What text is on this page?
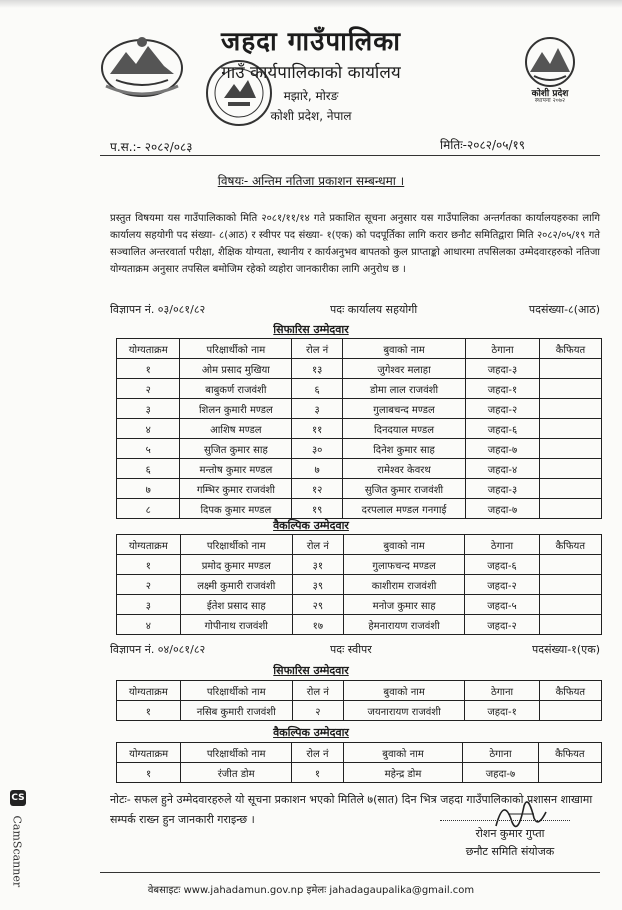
जहदा गाउँपालिका
गाउँ कार्यपालिकाको कार्यालय
मझारे, मोरङ
कोशी प्रदेश, नेपाल
कोशी प्रदेश
स्थापना २०७२
प.स.:- २०८२/०८३	मितिः-२०८२/०५/१९
विषयः- अन्तिम नतिजा प्रकाशन सम्बन्धमा ।
प्रस्तुत विषयमा यस गाउँपालिकाको मिति २०८१/११/१४ गते प्रकाशित सूचना अनुसार यस गाउँपालिका अन्तर्गतका कार्यालयहरुका लागि कार्यालय सहयोगी पद संख्या- ८(आठ) र स्वीपर पद संख्या- १(एक) को पदपूर्तिका लागि करार छनौट समितिद्वारा मिति २०८२/०५/१९ गते सञ्चालित अन्तरवार्ता परीक्षा, शैक्षिक योग्यता, स्थानीय र कार्यअनुभव बापतको कुल प्राप्ताङ्को आधारमा तपसिलका उम्मेदवारहरुको नतिजा योग्यताक्रम अनुसार तपसिल बमोजिम रहेको व्यहोरा जानकारीका लागि अनुरोध छ ।
विज्ञापन नं. ०३/०८१/८२	पदः कार्यालय सहयोगी	पदसंख्या-८(आठ)
सिफारिस उम्मेदवार
योग्यताक्रम	परिक्षार्थीको नाम	रोल नं	बुवाको नाम	ठेगाना	कैफियत
१	ओम प्रसाद मुखिया	१३	जुगेश्वर मलाहा	जहदा-३	
२	बाबुकर्ण राजवंशी	६	डोमा लाल राजवंशी	जहदा-१	
३	शिलन कुमारी मण्डल	३	गुलाबचन्द मण्डल	जहदा-२	
४	आशिष मण्डल	११	दिनदयाल मण्डल	जहदा-६	
५	सुजित कुमार साह	३०	दिनेश कुमार साह	जहदा-७	
६	मन्तोष कुमार मण्डल	७	रामेश्वर केवरथ	जहदा-४	
७	गम्भिर कुमार राजवंशी	१२	सुजित कुमार राजवंशी	जहदा-३	
८	दिपक कुमार मण्डल	१९	दरपलाल मण्डल गनगाई	जहदा-७	
वैकल्पिक उम्मेदवार
योग्यताक्रम	परिक्षार्थीको नाम	रोल नं	बुवाको नाम	ठेगाना	कैफियत
१	प्रमोद कुमार मण्डल	३१	गुलाफचन्द मण्डल	जहदा-६	
२	लक्ष्मी कुमारी राजवंशी	३९	काशीराम राजवंशी	जहदा-२	
३	ईतेश प्रसाद साह	२९	मनोज कुमार साह	जहदा-५	
४	गोपीनाथ राजवंशी	१७	हेमनारायण राजवंशी	जहदा-२	
विज्ञापन नं. ०४/०८१/८२	पदः स्वीपर	पदसंख्या-१(एक)
सिफारिस उम्मेदवार
योग्यताक्रम	परिक्षार्थीको नाम	रोल नं	बुवाको नाम	ठेगाना	कैफियत
१	नसिब कुमारी राजवंशी	२	जयनारायण राजवंशी	जहदा-१	
वैकल्पिक उम्मेदवार
योग्यताक्रम	परिक्षार्थीको नाम	रोल नं	बुवाको नाम	ठेगाना	कैफियत
१	रंजीत डोम	१	महेन्द्र डोम	जहदा-७	
नोटः- सफल हुने उम्मेदवारहरुले यो सूचना प्रकाशन भएको मितिले ७(सात) दिन भित्र जहदा गाउँपालिकाको प्रशासन शाखामा सम्पर्क राख्न हुन जानकारी गराइन्छ ।
रोशन कुमार गुप्ता
छनौट समिति संयोजक
वेबसाइटः www.jahadamun.gov.np इमेलः jahadagaupalika@gmail.com
CS
CamScanner
